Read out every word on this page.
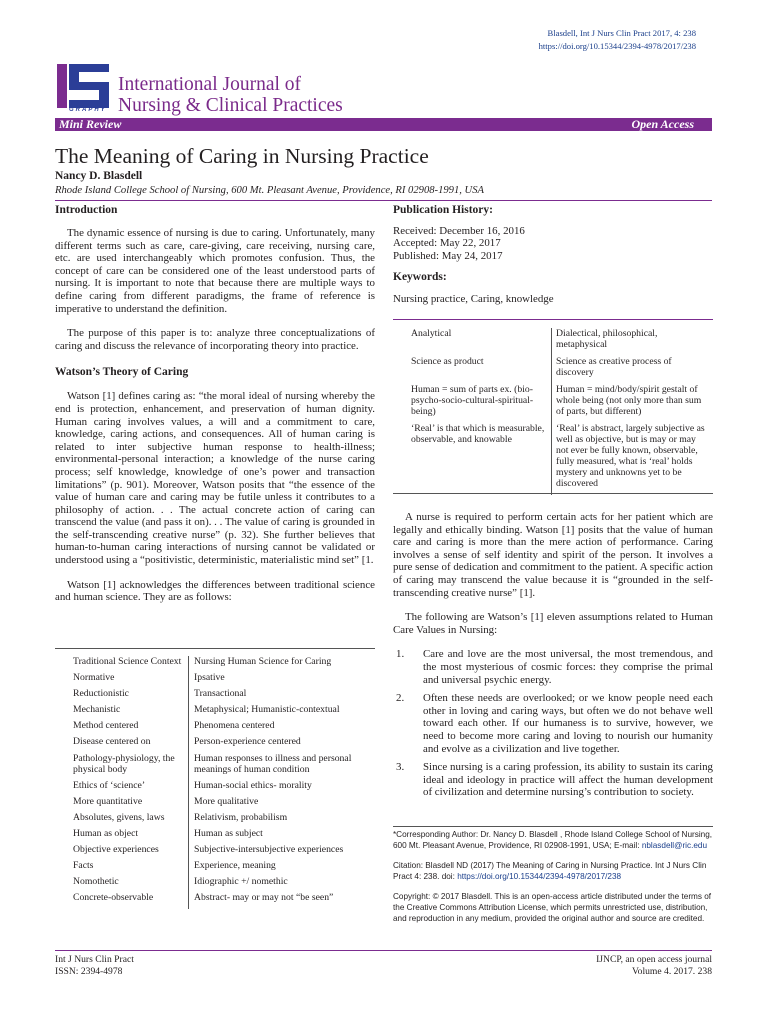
Blasdell, Int J Nurs Clin Pract 2017, 4: 238
https://doi.org/10.15344/2394-4978/2017/238
GRAPHY
International Journal of
Nursing & Clinical Practices
Mini Review	Open Access
The Meaning of Caring in Nursing Practice
Nancy D. Blasdell
Rhode Island College School of Nursing, 600 Mt. Pleasant Avenue, Providence, RI 02908-1991, USA
Introduction

The dynamic essence of nursing is due to caring. Unfortunately, many different terms such as care, care-giving, care receiving, nursing care, etc. are used interchangeably which promotes confusion. Thus, the concept of care can be considered one of the least understood parts of nursing. It is important to note that because there are multiple ways to define caring from different paradigms, the frame of reference is imperative to understand the definition.

The purpose of this paper is to: analyze three conceptualizations of caring and discuss the relevance of incorporating theory into practice.

Watson’s Theory of Caring

Watson [1] defines caring as: “the moral ideal of nursing whereby the end is protection, enhancement, and preservation of human dignity. Human caring involves values, a will and a commitment to care, knowledge, caring actions, and consequences. All of human caring is related to inter subjective human response to health-illness; environmental-personal interaction; a knowledge of the nurse caring process; self knowledge, knowledge of one’s power and transaction limitations” (p. 901). Moreover, Watson posits that “the essence of the value of human care and caring may be futile unless it contributes to a philosophy of action. . . The actual concrete action of caring can transcend the value (and pass it on). . . The value of caring is grounded in the self-transcending creative nurse” (p. 32). She further believes that human-to-human caring interactions of nursing cannot be validated or understood using a “positivistic, deterministic, materialistic mind set” [1.

Watson [1] acknowledges the differences between traditional science and human science. They are as follows:

Traditional Science Context	Nursing Human Science for Caring
Normative	Ipsative
Reductionistic	Transactional
Mechanistic	Metaphysical; Humanistic-contextual
Method centered	Phenomena centered
Disease centered on	Person-experience centered
Pathology-physiology, the physical body	Human responses to illness and personal meanings of human condition
Ethics of ‘science’	Human-social ethics- morality
More quantitative	More qualitative
Absolutes, givens, laws	Relativism, probabilism
Human as object	Human as subject
Objective experiences	Subjective-intersubjective experiences
Facts	Experience, meaning
Nomothetic	Idiographic +/ nomethic
Concrete-observable	Abstract- may or may not “be seen”
Publication History:
Received: December 16, 2016
Accepted: May 22, 2017
Published: May 24, 2017
Keywords:
Nursing practice, Caring, knowledge
Analytical	Dialectical, philosophical, metaphysical
Science as product	Science as creative process of discovery
Human = sum of parts ex. (bio-psycho-socio-cultural-spiritual-being)	Human = mind/body/spirit gestalt of whole being (not only more than sum of parts, but different)
‘Real’ is that which is measurable, observable, and knowable	‘Real’ is abstract, largely subjective as well as objective, but is may or may not ever be fully known, observable, fully measured, what is ‘real’ holds mystery and unknowns yet to be discovered

A nurse is required to perform certain acts for her patient which are legally and ethically binding. Watson [1] posits that the value of human care and caring is more than the mere action of performance. Caring involves a sense of self identity and spirit of the person. It involves a pure sense of dedication and commitment to the patient. A specific action of caring may transcend the value because it is “grounded in the self-transcending creative nurse” [1].

The following are Watson’s [1] eleven assumptions related to Human Care Values in Nursing:

1. Care and love are the most universal, the most tremendous, and the most mysterious of cosmic forces: they comprise the primal and universal psychic energy.
2. Often these needs are overlooked; or we know people need each other in loving and caring ways, but often we do not behave well toward each other. If our humaness is to survive, however, we need to become more caring and loving to nourish our humanity and evolve as a civilization and live together.
3. Since nursing is a caring profession, its ability to sustain its caring ideal and ideology in practice will affect the human development of civilization and determine nursing’s contribution to society.
*Corresponding Author: Dr. Nancy D. Blasdell , Rhode Island College School of Nursing, 600 Mt. Pleasant Avenue, Providence, RI 02908-1991, USA; E-mail: nblasdell@ric.edu
Citation: Blasdell ND (2017) The Meaning of Caring in Nursing Practice. Int J Nurs Clin Pract 4: 238. doi: https://doi.org/10.15344/2394-4978/2017/238
Copyright: © 2017 Blasdell. This is an open-access article distributed under the terms of the Creative Commons Attribution License, which permits unrestricted use, distribution, and reproduction in any medium, provided the original author and source are credited.
Int J Nurs Clin Pract
ISSN: 2394-4978
IJNCP, an open access journal
Volume 4. 2017. 238
